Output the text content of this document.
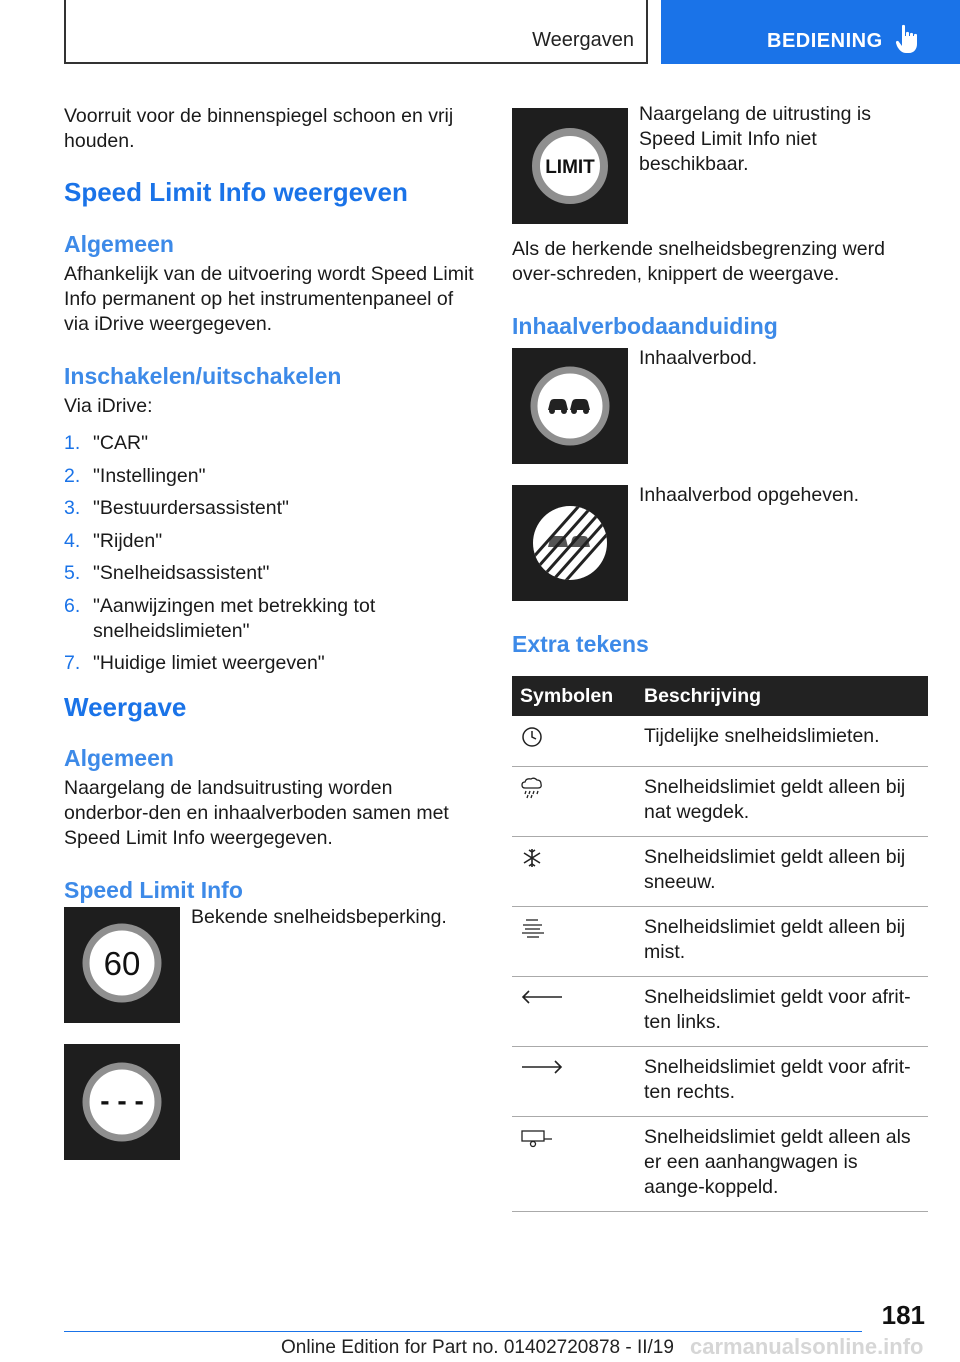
Weergaven	BEDIENING

Voorruit voor de binnenspiegel schoon en vrij houden.

Speed Limit Info weergeven
Algemeen

Afhankelijk van de uitvoering wordt Speed Limit Info permanent op het instrumentenpaneel of via iDrive weergegeven.

Inschakelen/uitschakelen

Via iDrive:

1. "CAR"
2. "Instellingen"
3. "Bestuurdersassistent"
4. "Rijden"
5. "Snelheidsassistent"
6. "Aanwijzingen met betrekking tot snelheidslimieten"
7. "Huidige limiet weergeven"
Weergave
Algemeen

Naargelang de landsuitrusting worden onderbor-den en inhaalverboden samen met Speed Limit Info weergegeven.

Speed Limit Info
60
Bekende snelheidsbeperking.
- - -
LIMIT
Naargelang de uitrusting is Speed Limit Info niet beschikbaar.

Als de herkende snelheidsbegrenzing werd over-schreden, knippert de weergave.

Inhaalverbodaanduiding
Inhaalverbod.
Inhaalverbod opgeheven.
Extra tekens
Symbolen	Beschrijving
	Tijdelijke snelheidslimieten.
	Snelheidslimiet geldt alleen bij nat wegdek.
	Snelheidslimiet geldt alleen bij sneeuw.
	Snelheidslimiet geldt alleen bij mist.
	Snelheidslimiet geldt voor afrit-ten links.
	Snelheidslimiet geldt voor afrit-ten rechts.
	Snelheidslimiet geldt alleen als er een aanhangwagen is aange-koppeld.
181
Online Edition for Part no. 01402720878 - II/19 carmanualsonline.info
